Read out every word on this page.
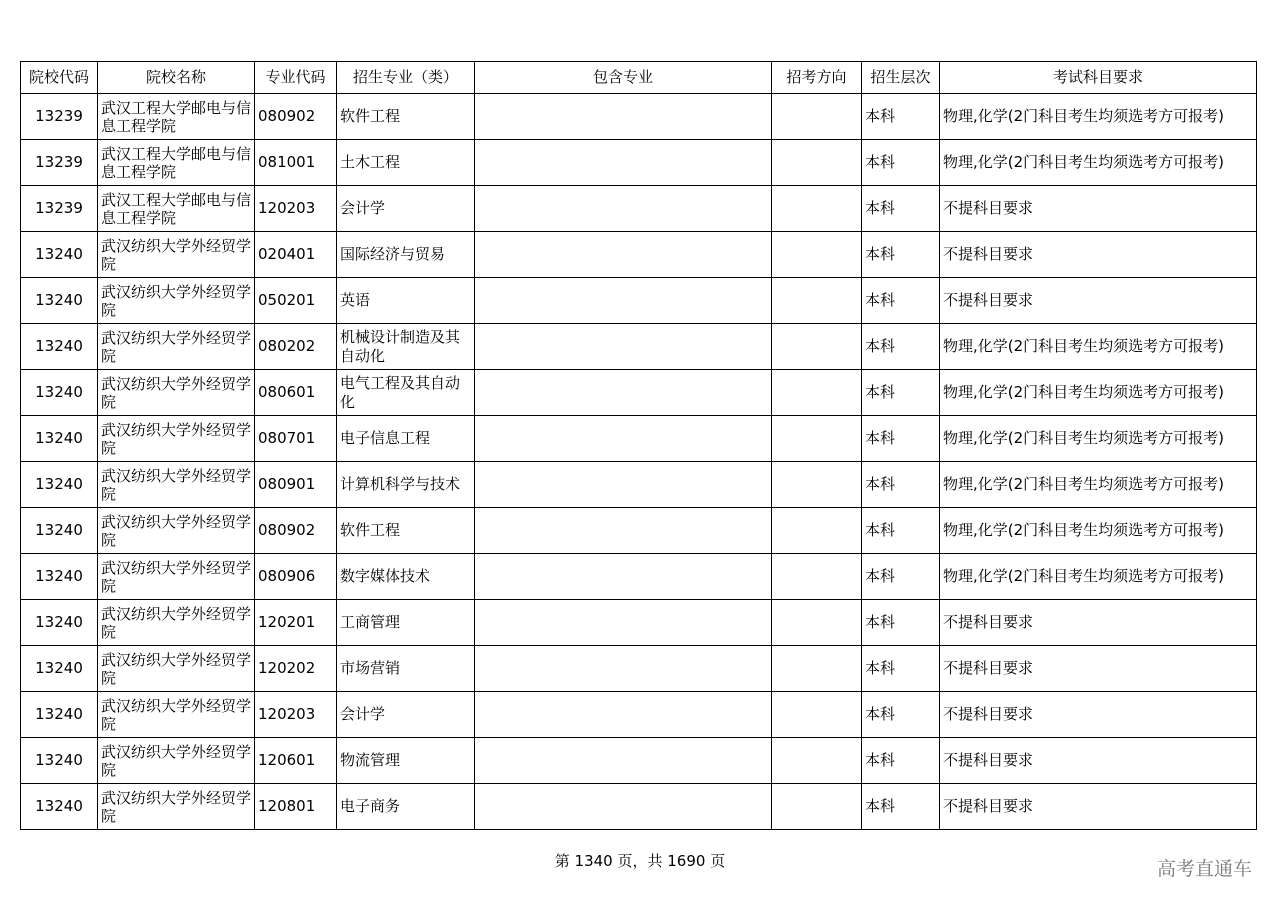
院校代码	院校名称	专业代码	招生专业（类）	包含专业	招考方向	招生层次	考试科目要求
13239	武汉工程大学邮电与信息工程学院	080902	软件工程			本科	物理,化学(2门科目考生均须选考方可报考)
13239	武汉工程大学邮电与信息工程学院	081001	土木工程			本科	物理,化学(2门科目考生均须选考方可报考)
13239	武汉工程大学邮电与信息工程学院	120203	会计学			本科	不提科目要求
13240	武汉纺织大学外经贸学院	020401	国际经济与贸易			本科	不提科目要求
13240	武汉纺织大学外经贸学院	050201	英语			本科	不提科目要求
13240	武汉纺织大学外经贸学院	080202	机械设计制造及其自动化			本科	物理,化学(2门科目考生均须选考方可报考)
13240	武汉纺织大学外经贸学院	080601	电气工程及其自动化			本科	物理,化学(2门科目考生均须选考方可报考)
13240	武汉纺织大学外经贸学院	080701	电子信息工程			本科	物理,化学(2门科目考生均须选考方可报考)
13240	武汉纺织大学外经贸学院	080901	计算机科学与技术			本科	物理,化学(2门科目考生均须选考方可报考)
13240	武汉纺织大学外经贸学院	080902	软件工程			本科	物理,化学(2门科目考生均须选考方可报考)
13240	武汉纺织大学外经贸学院	080906	数字媒体技术			本科	物理,化学(2门科目考生均须选考方可报考)
13240	武汉纺织大学外经贸学院	120201	工商管理			本科	不提科目要求
13240	武汉纺织大学外经贸学院	120202	市场营销			本科	不提科目要求
13240	武汉纺织大学外经贸学院	120203	会计学			本科	不提科目要求
13240	武汉纺织大学外经贸学院	120601	物流管理			本科	不提科目要求
13240	武汉纺织大学外经贸学院	120801	电子商务			本科	不提科目要求
第 1340 页，共 1690 页	高考直通车
